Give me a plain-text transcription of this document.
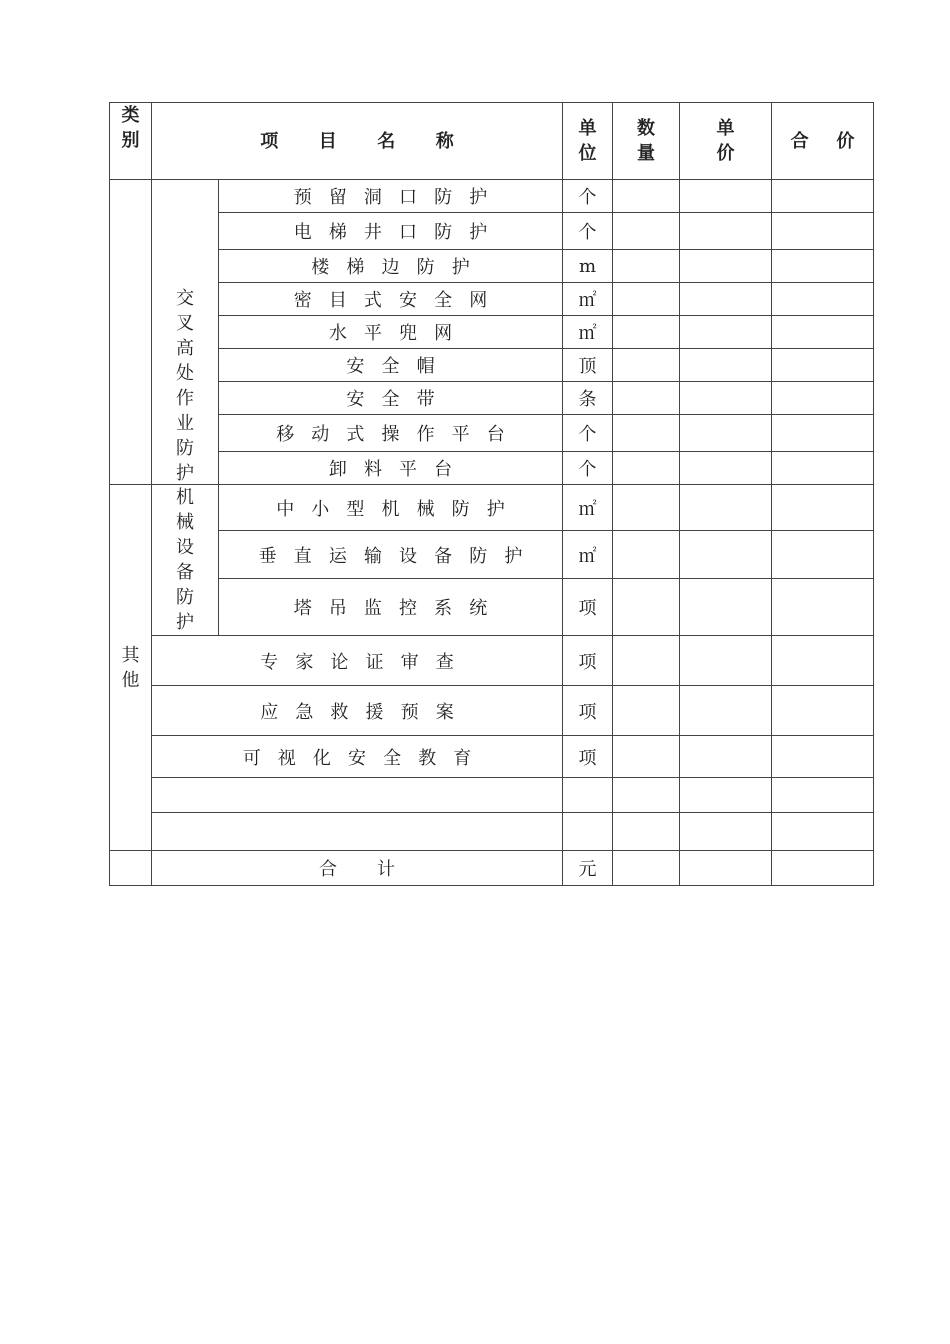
类别	项 目 名 称		单位	数量	单价	合 价
	交叉高处作业防护	预留洞口防护	个			
		电梯井口防护	个			
		楼梯边防护	m			
		密目式安全网	㎡			
		水平兜网	㎡			
		安全帽	顶			
		安全带	条			
		移动式操作平台	个			
		卸料平台	个			
其他	机械设备防护	中小型机械防护	㎡			
		垂直运输设备防护	㎡			
		塔吊监控系统	项			
	专家论证审查		项			
	应急救援预案		项			
	可视化安全教育		项			

	合 计		元			
